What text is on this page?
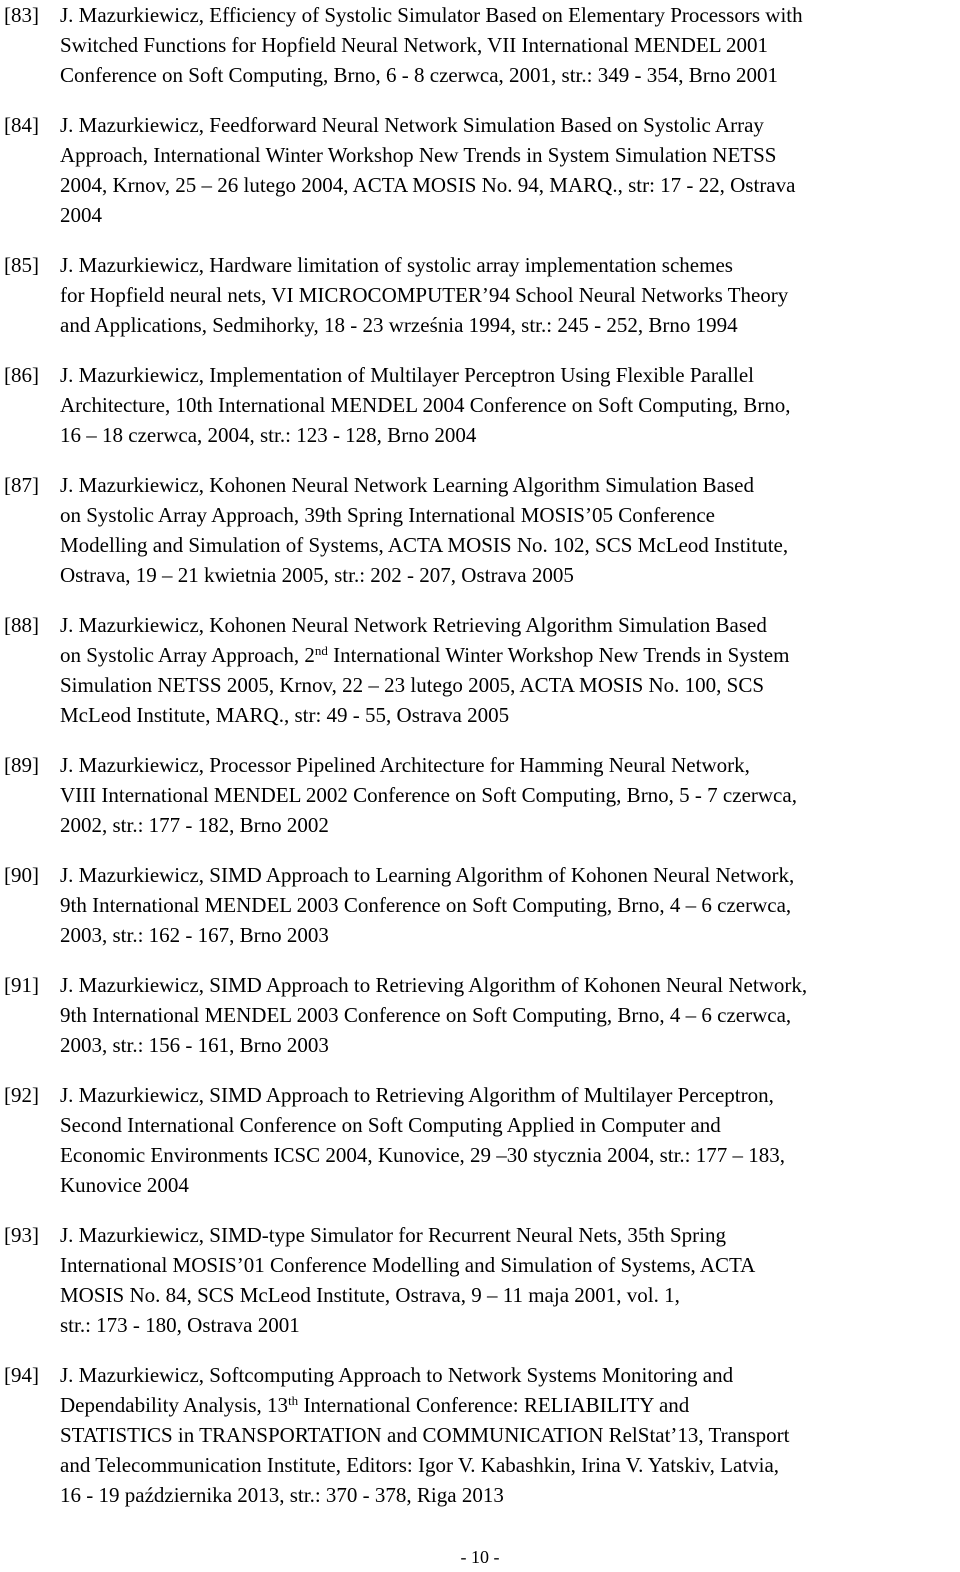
[83]	J. Mazurkiewicz, Efficiency of Systolic Simulator Based on Elementary Processors with
Switched Functions for Hopfield Neural Network, VII International MENDEL 2001
Conference on Soft Computing, Brno, 6 - 8 czerwca, 2001, str.: 349 - 354, Brno 2001
[84]	J. Mazurkiewicz, Feedforward Neural Network Simulation Based on Systolic Array
Approach, International Winter Workshop New Trends in System Simulation NETSS
2004, Krnov, 25 – 26 lutego 2004, ACTA MOSIS No. 94, MARQ., str: 17 - 22, Ostrava
2004
[85]	J. Mazurkiewicz, Hardware limitation of systolic array implementation schemes
for Hopfield neural nets, VI MICROCOMPUTER’94 School Neural Networks Theory
and Applications, Sedmihorky, 18 - 23 września 1994, str.: 245 - 252, Brno 1994
[86]	J. Mazurkiewicz, Implementation of Multilayer Perceptron Using Flexible Parallel
Architecture, 10th International MENDEL 2004 Conference on Soft Computing, Brno,
16 – 18 czerwca, 2004, str.: 123 - 128, Brno 2004
[87]	J. Mazurkiewicz, Kohonen Neural Network Learning Algorithm Simulation Based
on Systolic Array Approach, 39th Spring International MOSIS’05 Conference
Modelling and Simulation of Systems, ACTA MOSIS No. 102, SCS McLeod Institute,
Ostrava, 19 – 21 kwietnia 2005, str.: 202 - 207, Ostrava 2005
[88]	J. Mazurkiewicz, Kohonen Neural Network Retrieving Algorithm Simulation Based
on Systolic Array Approach, 2nd International Winter Workshop New Trends in System
Simulation NETSS 2005, Krnov, 22 – 23 lutego 2005, ACTA MOSIS No. 100, SCS
McLeod Institute, MARQ., str: 49 - 55, Ostrava 2005
[89]	J. Mazurkiewicz, Processor Pipelined Architecture for Hamming Neural Network,
VIII International MENDEL 2002 Conference on Soft Computing, Brno, 5 - 7 czerwca,
2002, str.: 177 - 182, Brno 2002
[90]	J. Mazurkiewicz, SIMD Approach to Learning Algorithm of Kohonen Neural Network,
9th International MENDEL 2003 Conference on Soft Computing, Brno, 4 – 6 czerwca,
2003, str.: 162 - 167, Brno 2003
[91]	J. Mazurkiewicz, SIMD Approach to Retrieving Algorithm of Kohonen Neural Network,
9th International MENDEL 2003 Conference on Soft Computing, Brno, 4 – 6 czerwca,
2003, str.: 156 - 161, Brno 2003
[92]	J. Mazurkiewicz, SIMD Approach to Retrieving Algorithm of Multilayer Perceptron,
Second International Conference on Soft Computing Applied in Computer and
Economic Environments ICSC 2004, Kunovice, 29 –30 stycznia 2004, str.: 177 – 183,
Kunovice 2004
[93]	J. Mazurkiewicz, SIMD-type Simulator for Recurrent Neural Nets, 35th Spring
International MOSIS’01 Conference Modelling and Simulation of Systems, ACTA
MOSIS No. 84, SCS McLeod Institute, Ostrava, 9 – 11 maja 2001, vol. 1,
str.: 173 - 180, Ostrava 2001
[94]	J. Mazurkiewicz, Softcomputing Approach to Network Systems Monitoring and
Dependability Analysis, 13th International Conference: RELIABILITY and
STATISTICS in TRANSPORTATION and COMMUNICATION RelStat’13, Transport
and Telecommunication Institute, Editors: Igor V. Kabashkin, Irina V. Yatskiv, Latvia,
16 - 19 października 2013, str.: 370 - 378, Riga 2013
- 10 -
